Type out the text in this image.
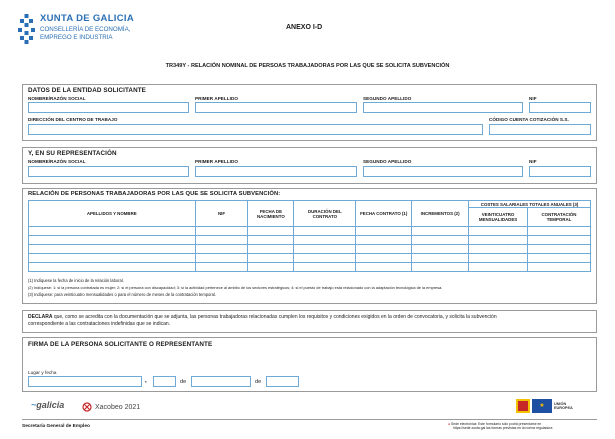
XUNTA DE GALICIA
CONSELLERÍA DE ECONOMÍA,
EMPREGO E INDUSTRIA
ANEXO I-D
TR349Y - RELACIÓN NOMINAL DE PERSOAS TRABAJADORAS POR LAS QUE SE SOLICITA SUBVENCIÓN
DATOS DE LA ENTIDAD SOLICITANTE
NOMBRE/RAZÓN SOCIAL	PRIMER APELLIDO	SEGUNDO APELLIDO	NIF
DIRECCIÓN DEL CENTRO DE TRABAJO	CÓDIGO CUENTA COTIZACIÓN S.S.
Y, EN SU REPRESENTACIÓN
NOMBRE/RAZÓN SOCIAL	PRIMER APELLIDO	SEGUNDO APELLIDO	NIF
RELACIÓN DE PERSONAS TRABAJADORAS POR LAS QUE SE SOLICITA SUBVENCIÓN:
APELLIDOS Y NOMBRE	NIF	FECHA DE NACIMIENTO	DURACIÓN DEL CONTRATO	FECHA CONTRATO (1)	INCREMENTOS (2)	COSTES SALARIALES TOTALES ANUALES (3)	
						VEINTICUATRO MENSUALIDADES	CONTRATACIÓN TEMPORAL

(1) Indíquese la fecha de inicio de la relación laboral.
(2) Indíquese: 1: si la persona contratada es mujer; 2: si el persona con discapacidad; 3: si la actividad pertenece al ámbito de los sectores estratégicos; 4: si el puesto de trabajo está relacionado con la adaptación tecnológica de la empresa.
(3) Indíquese: para veinticuatro mensualidades o para el número de meses de la contratación temporal.
DECLARA que, como se acredita con la documentación que se adjunta, las personas trabajadoras relacionadas cumplen los requisitos y condiciones exigidos en la orden de convocatoria, y solicita la subvención
correspondiente a las contrataciones indefinidas que se indican.
FIRMA DE LA PERSONA SOLICITANTE O REPRESENTANTE
Lugar y fecha
,	de	de
~galicia	Xacobeo 2021	★	UNIÓN EUROPEA
Secretaría General de Empleo	● Sede electrónica: Este formulario sólo podrá presentarse en
https://sede.xunta.gal las formas previstas en la norma reguladora
